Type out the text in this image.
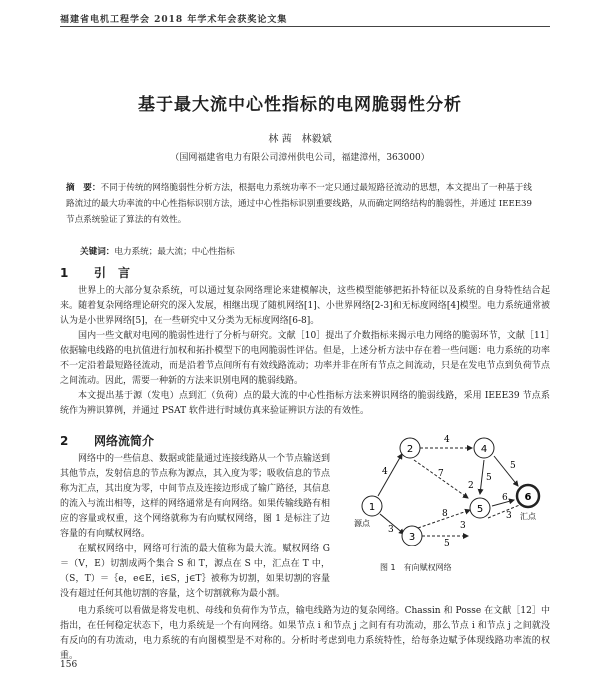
福建省电机工程学会 2018 年学术年会获奖论文集
基于最大流中心性指标的电网脆弱性分析
林 茜　林毅斌
（国网福建省电力有限公司漳州供电公司，福建漳州，363000）
摘　要：不同于传统的网络脆弱性分析方法，根据电力系统功率不一定只通过最短路径流动的思想，本文提出了一种基于线路流过的最大功率流的中心性指标识别方法，通过中心性指标识别重要线路，从而确定网络结构的脆弱性，并通过 IEEE39 节点系统验证了算法的有效性。
关键词：电力系统；最大流；中心性指标
1 引　言

世界上的大部分复杂系统，可以通过复杂网络理论来建模解决，这些模型能够把拓扑特征以及系统的自身特性结合起来。随着复杂网络理论研究的深入发展，相继出现了随机网络[1]、小世界网络[2-3]和无标度网络[4]模型。电力系统通常被认为是小世界网络[5]，在一些研究中又分类为无标度网络[6-8]。

国内一些文献对电网的脆弱性进行了分析与研究。文献［10］提出了介数指标来揭示电力网络的脆弱环节，文献［11］依据输电线路的电抗值进行加权和拓扑模型下的电网脆弱性评估。但是，上述分析方法中存在着一些问题：电力系统的功率不一定沿着最短路径流动，而是沿着节点间所有有效线路流动；功率并非在所有节点之间流动，只是在发电节点到负荷节点之间流动。因此，需要一种新的方法来识别电网的脆弱线路。

本文提出基于源（发电）点到汇（负荷）点的最大流的中心性指标方法来辨识网络的脆弱线路，采用 IEEE39 节点系统作为辨识算例，并通过 PSAT 软件进行时域仿真来验证辨识方法的有效性。

2 网络流简介

网络中的一些信息、数据或能量通过连接线路从一个节点输送到其他节点，发射信息的节点称为源点，其入度为零；吸收信息的节点称为汇点，其出度为零，中间节点及连接边形成了输广路径，其信息的流入与流出相等，这样的网络通常是有向网络。如果传输线路有相应的容量或权重，这个网络就称为有向赋权网络，图 1 是标注了边容量的有向赋权网络。

在赋权网络中，网络可行流的最大值称为最大流。赋权网络 G＝（V，E）切割成两个集合 S 和 T，源点在 S 中，汇点在 T 中，（S，T）＝｛e，e∈E，i∈S，j∈T｝被称为切割，如果切割的容量没有超过任何其他切割的容量，这个切割就称为最小割。

电力系统可以看做是将发电机、母线和负荷作为节点，输电线路为边的复杂网络。Chassin 和 Posse 在文献［12］中指出，在任何稳定状态下，电力系统是一个有向网络。如果节点 i 和节点 j 之间有有功流动，那么节点 i 和节点 j 之间就没有反向的有功流动，电力系统的有向图模型是不对称的。分析时考虑到电力系统特性，给每条边赋予体现线路功率流的权重。

1
2
3
4
5
6
4
4
3
7	5
5
8
6
5
2
3
3
源点
汇点
图 1　有向赋权网络
156
